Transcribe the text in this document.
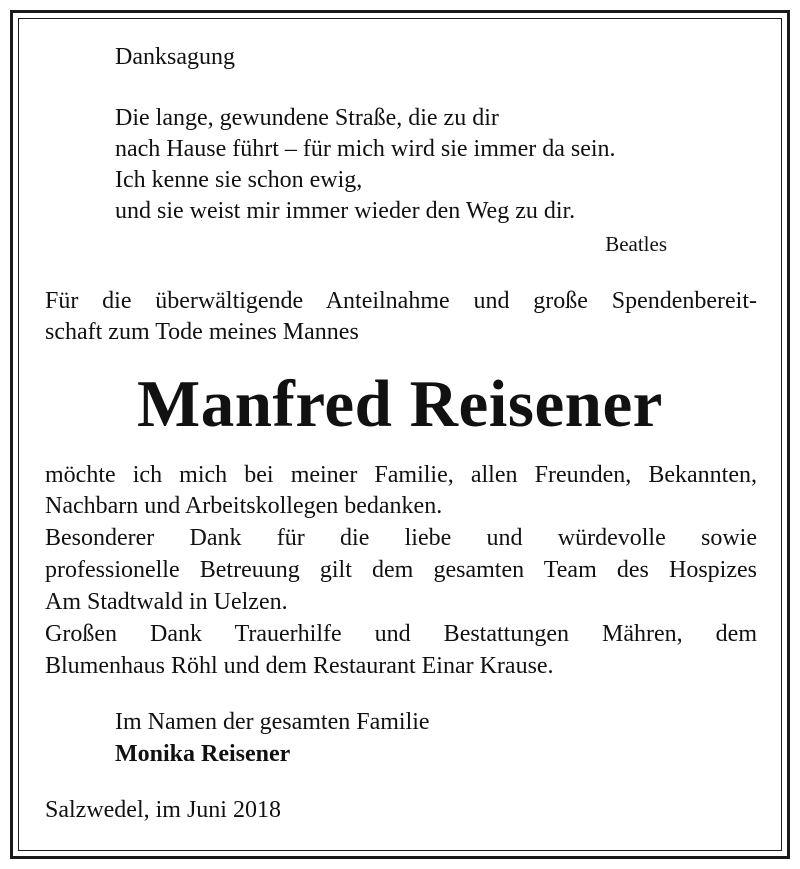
Danksagung
Die lange, gewundene Straße, die zu dir
nach Hause führt – für mich wird sie immer da sein.
Ich kenne sie schon ewig,
und sie weist mir immer wieder den Weg zu dir.
Beatles
Für die überwältigende Anteilnahme und große Spendenbereit-
schaft zum Tode meines Mannes
Manfred Reisener
möchte ich mich bei meiner Familie, allen Freunden, Bekannten,
Nachbarn und Arbeitskollegen bedanken.
Besonderer Dank für die liebe und würdevolle sowie
professionelle Betreuung gilt dem gesamten Team des Hospizes
Am Stadtwald in Uelzen.
Großen Dank Trauerhilfe und Bestattungen Mähren, dem
Blumenhaus Röhl und dem Restaurant Einar Krause.
Im Namen der gesamten Familie
Monika Reisener
Salzwedel, im Juni 2018
